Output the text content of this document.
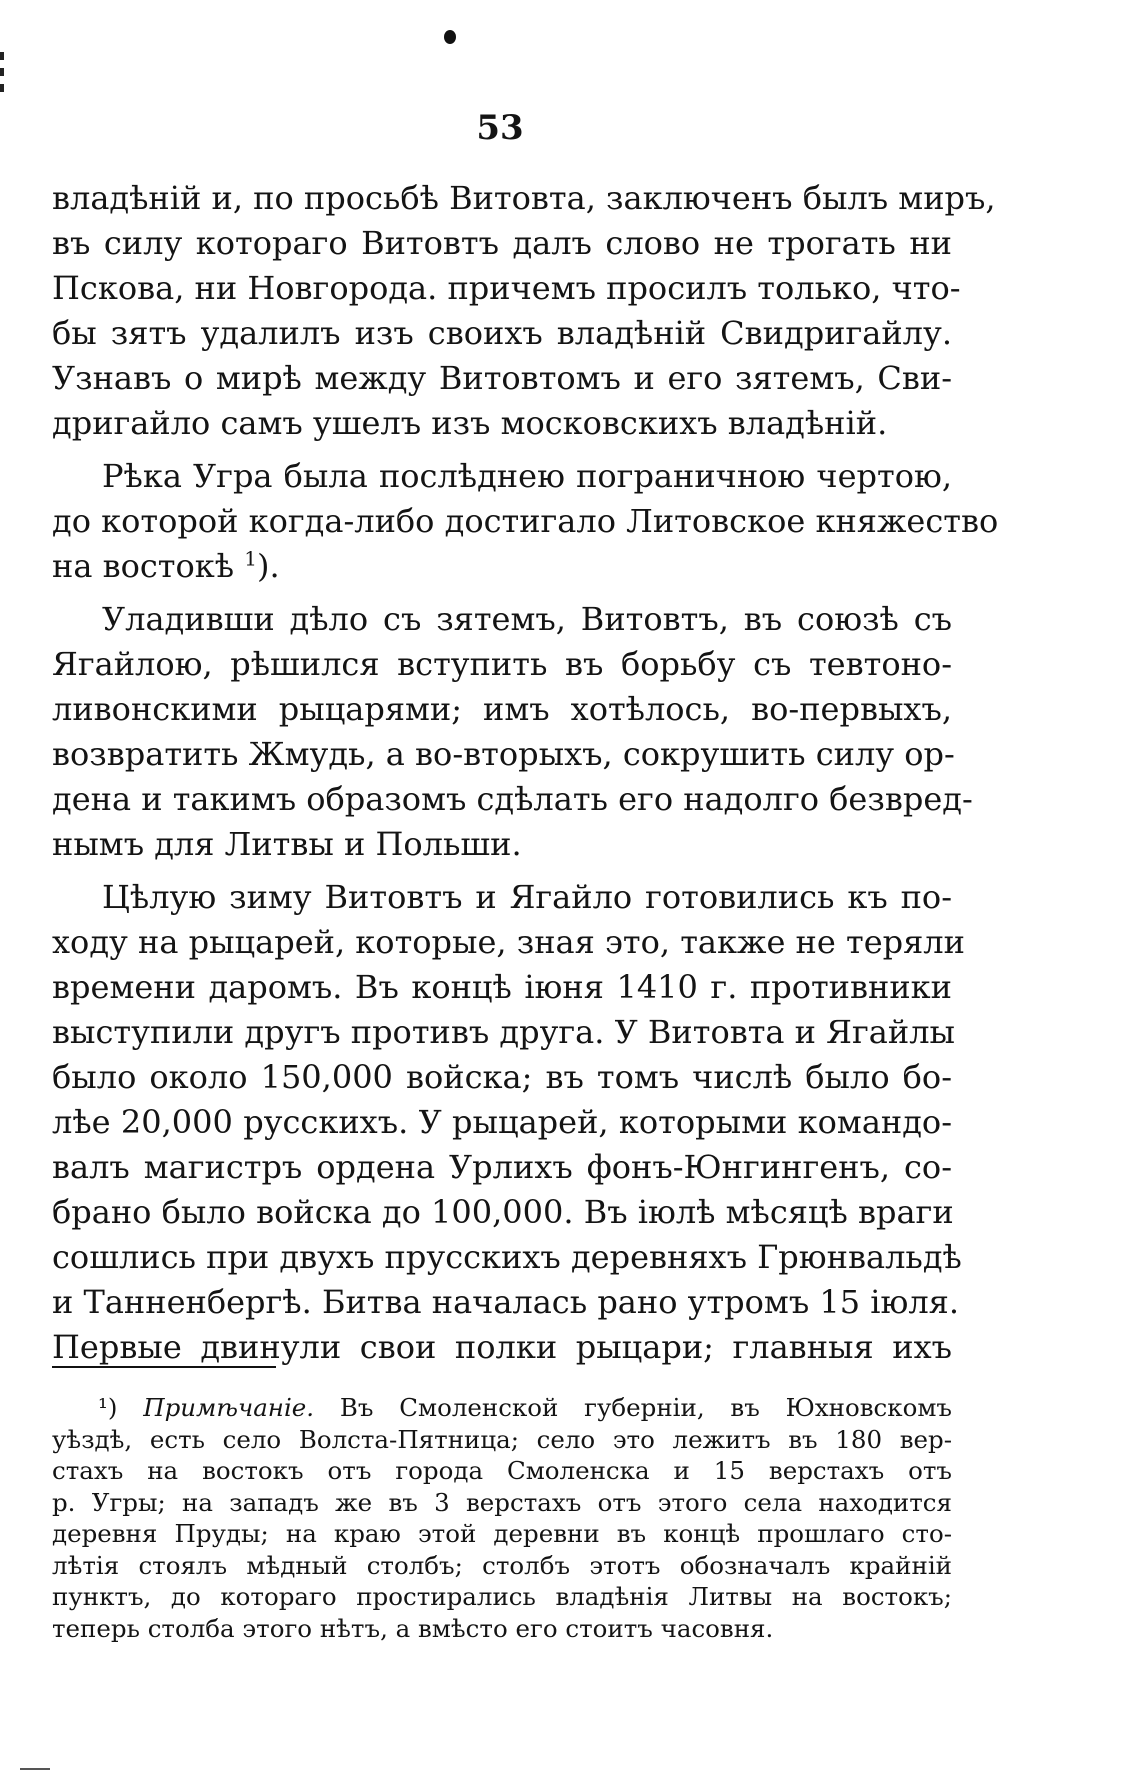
53

владѣній и, по просьбѣ Витовта, заключенъ былъ миръ,
въ силу котораго Витовтъ далъ слово не трогать ни
Пскова, ни Новгорода. причемъ просилъ только, что-
бы зятъ удалилъ изъ своихъ владѣній Свидригайлу.
Узнавъ о мирѣ между Витовтомъ и его зятемъ, Сви-
дригайло самъ ушелъ изъ московскихъ владѣній.

Рѣка Угра была послѣднею пограничною чертою,
до которой когда-либо достигало Литовское княжество
на востокѣ $^1$).

Уладивши дѣло съ зятемъ, Витовтъ, въ союзѣ съ
Ягайлою, рѣшился вступить въ борьбу съ тевтоно-
ливонскими рыцарями; имъ хотѣлось, во-первыхъ,
возвратить Жмудь, а во-вторыхъ, сокрушить силу ор-
дена и такимъ образомъ сдѣлать его надолго безвред-
нымъ для Литвы и Польши.

Цѣлую зиму Витовтъ и Ягайло готовились къ по-
ходу на рыцарей, которые, зная это, также не теряли
времени даромъ. Въ концѣ іюня 1410 г. противники
выступили другъ противъ друга. У Витовта и Ягайлы
было около 150,000 войска; въ томъ числѣ было бо-
лѣе 20,000 русскихъ. У рыцарей, которыми командо-
валъ магистръ ордена Урлихъ фонъ-Юнгингенъ, со-
брано было войска до 100,000. Въ іюлѣ мѣсяцѣ враги
сошлись при двухъ прусскихъ деревняхъ Грюнвальдѣ
и Танненбергѣ. Битва началась рано утромъ 15 іюля.
Первые двинули свои полки рыцари; главныя ихъ

¹) Примѣчаніе. Въ Смоленской губерніи, въ Юхновскомъ
уѣздѣ, есть село Волста-Пятница; село это лежитъ въ 180 вер-
стахъ на востокъ отъ города Смоленска и 15 верстахъ отъ
р. Угры; на западъ же въ 3 верстахъ отъ этого села находится
деревня Пруды; на краю этой деревни въ концѣ прошлаго сто-
лѣтія стоялъ мѣдный столбъ; столбъ этотъ обозначалъ крайній
пунктъ, до котораго простирались владѣнія Литвы на востокъ;
теперь столба этого нѣтъ, а вмѣсто его стоитъ часовня.
